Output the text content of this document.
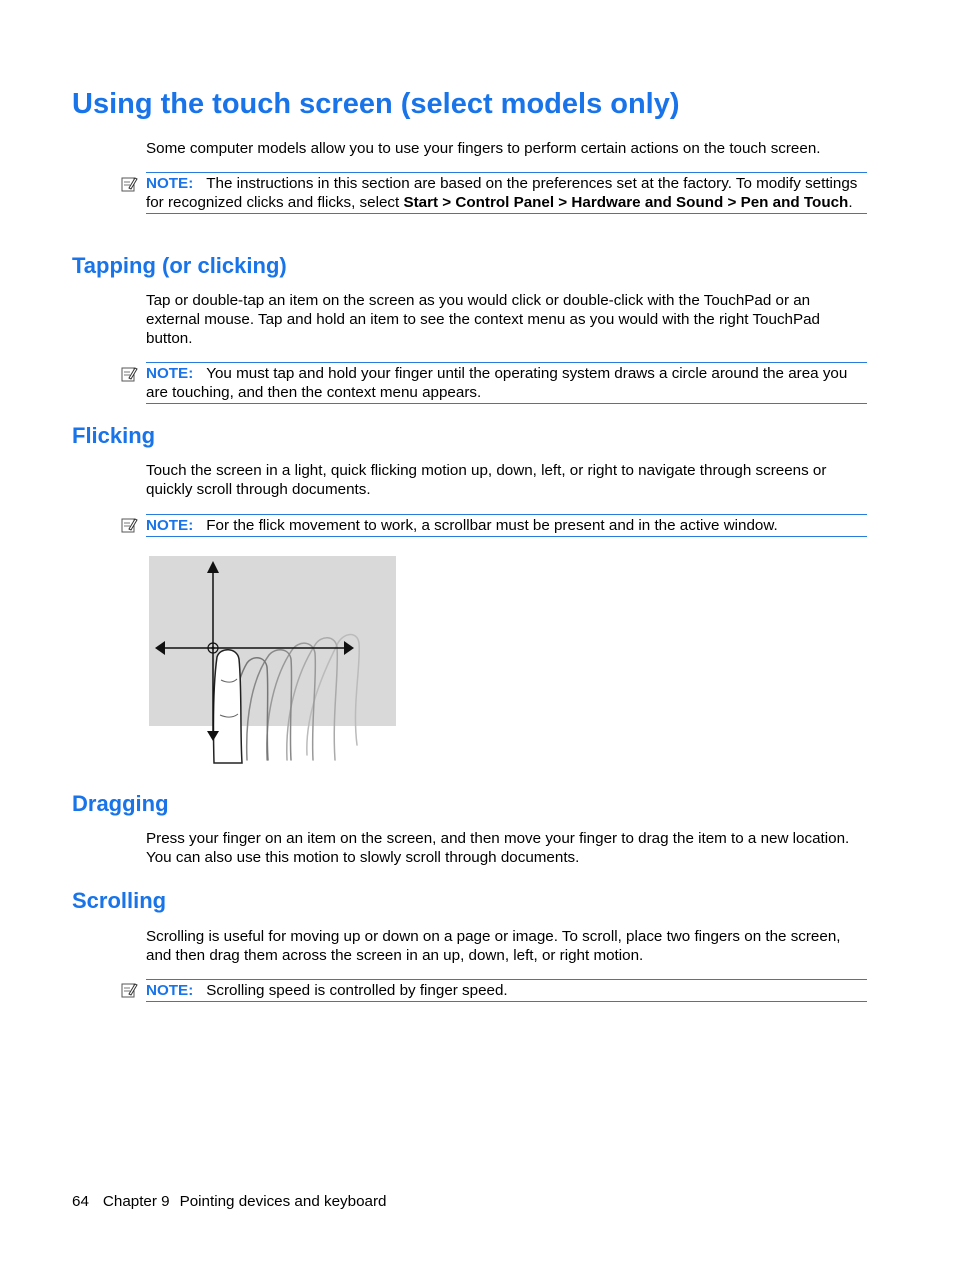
Using the touch screen (select models only)

Some computer models allow you to use your fingers to perform certain actions on the touch screen.

NOTE: The instructions in this section are based on the preferences set at the factory. To modify settings for recognized clicks and flicks, select Start > Control Panel > Hardware and Sound > Pen and Touch.
Tapping (or clicking)

Tap or double-tap an item on the screen as you would click or double-click with the TouchPad or an external mouse. Tap and hold an item to see the context menu as you would with the right TouchPad button.

NOTE: You must tap and hold your finger until the operating system draws a circle around the area you are touching, and then the context menu appears.
Flicking

Touch the screen in a light, quick flicking motion up, down, left, or right to navigate through screens or quickly scroll through documents.

NOTE: For the flick movement to work, a scrollbar must be present and in the active window.
Dragging

Press your finger on an item on the screen, and then move your finger to drag the item to a new location. You can also use this motion to slowly scroll through documents.

Scrolling

Scrolling is useful for moving up or down on a page or image. To scroll, place two fingers on the screen, and then drag them across the screen in an up, down, left, or right motion.

NOTE: Scrolling speed is controlled by finger speed.
64 Chapter 9 Pointing devices and keyboard
